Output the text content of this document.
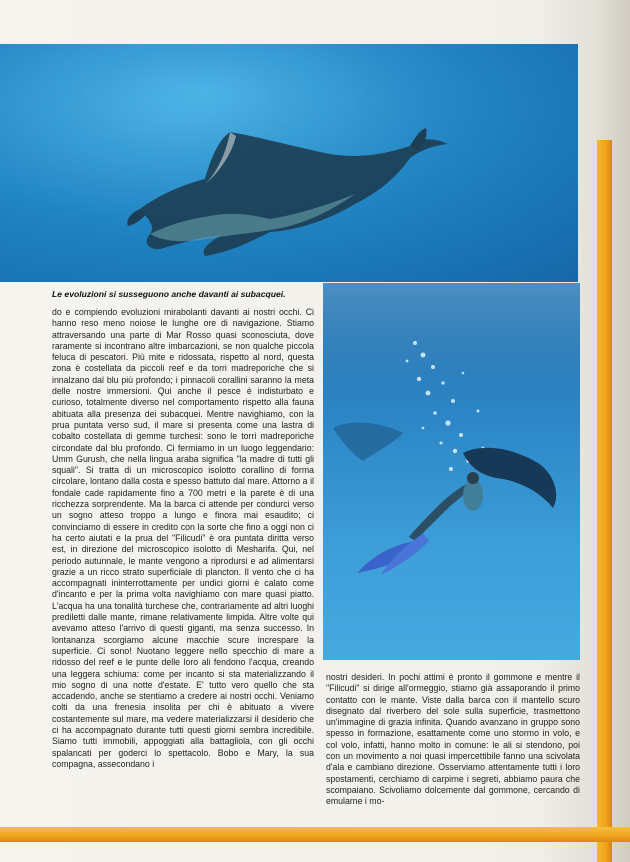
Le evoluzioni si susseguono anche davanti ai subacquei.

do e compiendo evoluzioni mirabolanti davanti ai nostri occhi. Ci hanno reso meno noiose le lunghe ore di navigazione. Stiamo attraversando una parte di Mar Rosso quasi sconosciuta, dove raramente si incontrano altre imbarcazioni, se non qualche piccola feluca di pescatori. Più mite e ridossata, rispetto al nord, questa zona è costellata da piccoli reef e da torri madreporiche che si innalzano dal blu più profondo; i pinnacoli corallini saranno la meta delle nostre immersioni. Qui anche il pesce è indisturbato e curioso, totalmente diverso nel comportamento rispetto alla fauna abituata alla presenza dei subacquei. Mentre navighiamo, con la prua puntata verso sud, il mare si presenta come una lastra di cobalto costellata di gemme turchesi: sono le torri madreporiche circondate dal blu profondo. Ci fermiamo in un luogo leggendario: Umm Gurush, che nella lingua araba significa "la madre di tutti gli squali". Si tratta di un microscopico isolotto corallino di forma circolare, lontano dalla costa e spesso battuto dal mare. Attorno a il fondale cade rapidamente fino a 700 metri e la parete è di una ricchezza sorprendente. Ma la barca ci attende per condurci verso un sogno atteso troppo a lungo e finora mai esaudito; ci convinciamo di essere in credito con la sorte che fino a oggi non ci ha certo aiutati e la prua del "Filicudi" è ora puntata diritta verso est, in direzione del microscopico isolotto di Mesharifa. Qui, nel periodo autunnale, le mante vengono a riprodursi e ad alimentarsi grazie a un ricco strato superficiale di plancton. Il vento che ci ha accompagnati ininterrottamente per undici giorni è calato come d'incanto e per la prima volta navighiamo con mare quasi piatto. L'acqua ha una tonalità turchese che, contrariamente ad altri luoghi prediletti dalle mante, rimane relativamente limpida. Altre volte qui avevamo atteso l'arrivo di questi giganti, ma senza successo. In lontananza scorgiamo alcune macchie scure increspare la superficie. Ci sono! Nuotano leggere nello specchio di mare a ridosso del reef e le punte delle loro ali fendono l'acqua, creando una leggera schiuma: come per incanto si sta materializzando il mio sogno di una notte d'estate. E' tutto vero quello che sta accadendo, anche se stentiamo a credere ai nostri occhi. Veniamo colti da una frenesia insolita per chi è abituato a vivere costantemente sul mare, ma vedere materializzarsi il desiderio che ci ha accompagnato durante tutti questi giorni sembra incredibile. Siamo tutti immobili, appoggiati alla battagliola, con gli occhi spalancati per goderci lo spettacolo. Bobo e Mary, la sua compagna, assecondano i

nostri desideri. In pochi attimi è pronto il gommone e mentre il "Filicudi" si dirige all'ormeggio, stiamo già assaporando il primo contatto con le mante. Viste dalla barca con il mantello scuro disegnato dal riverbero del sole sulla superficie, trasmettono un'immagine di grazia infinita. Quando avanzano in gruppo sono spesso in formazione, esattamente come uno stormo in volo, e col volo, infatti, hanno molto in comune: le ali si stendono, poi con un movimento a noi quasi impercettibile fanno una scivolata d'ala e cambiano direzione. Osserviamo attentamente tutti i loro spostamenti, cerchiamo di carpirne i segreti, abbiamo paura che scompaiano. Scivoliamo dolcemente dal gommone, cercando di emularne i mo-
